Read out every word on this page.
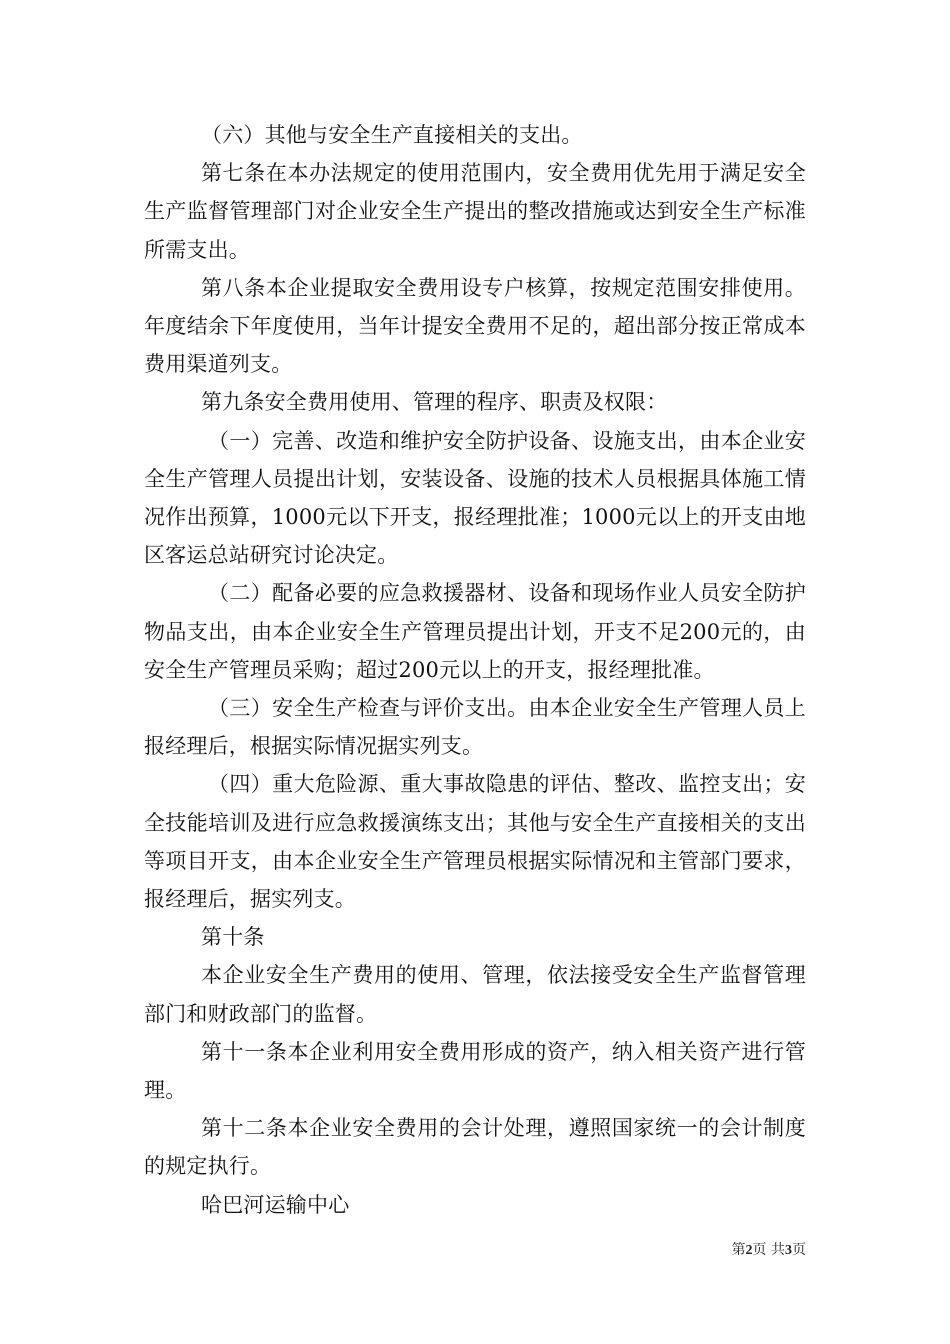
（六）其他与安全生产直接相关的支出。

第七条在本办法规定的使用范围内，安全费用优先用于满足安全生产监督管理部门对企业安全生产提出的整改措施或达到安全生产标准所需支出。

第八条本企业提取安全费用设专户核算，按规定范围安排使用。年度结余下年度使用，当年计提安全费用不足的，超出部分按正常成本费用渠道列支。

第九条安全费用使用、管理的程序、职责及权限：

（一）完善、改造和维护安全防护设备、设施支出，由本企业安全生产管理人员提出计划，安装设备、设施的技术人员根据具体施工情况作出预算，1000元以下开支，报经理批准；1000元以上的开支由地区客运总站研究讨论决定。

（二）配备必要的应急救援器材、设备和现场作业人员安全防护物品支出，由本企业安全生产管理员提出计划，开支不足200元的，由安全生产管理员采购；超过200元以上的开支，报经理批准。

（三）安全生产检查与评价支出。由本企业安全生产管理人员上报经理后，根据实际情况据实列支。

（四）重大危险源、重大事故隐患的评估、整改、监控支出；安全技能培训及进行应急救援演练支出；其他与安全生产直接相关的支出等项目开支，由本企业安全生产管理员根据实际情况和主管部门要求，报经理后，据实列支。

第十条

本企业安全生产费用的使用、管理，依法接受安全生产监督管理部门和财政部门的监督。

第十一条本企业利用安全费用形成的资产，纳入相关资产进行管理。

第十二条本企业安全费用的会计处理，遵照国家统一的会计制度的规定执行。

哈巴河运输中心

第2页 共3页
